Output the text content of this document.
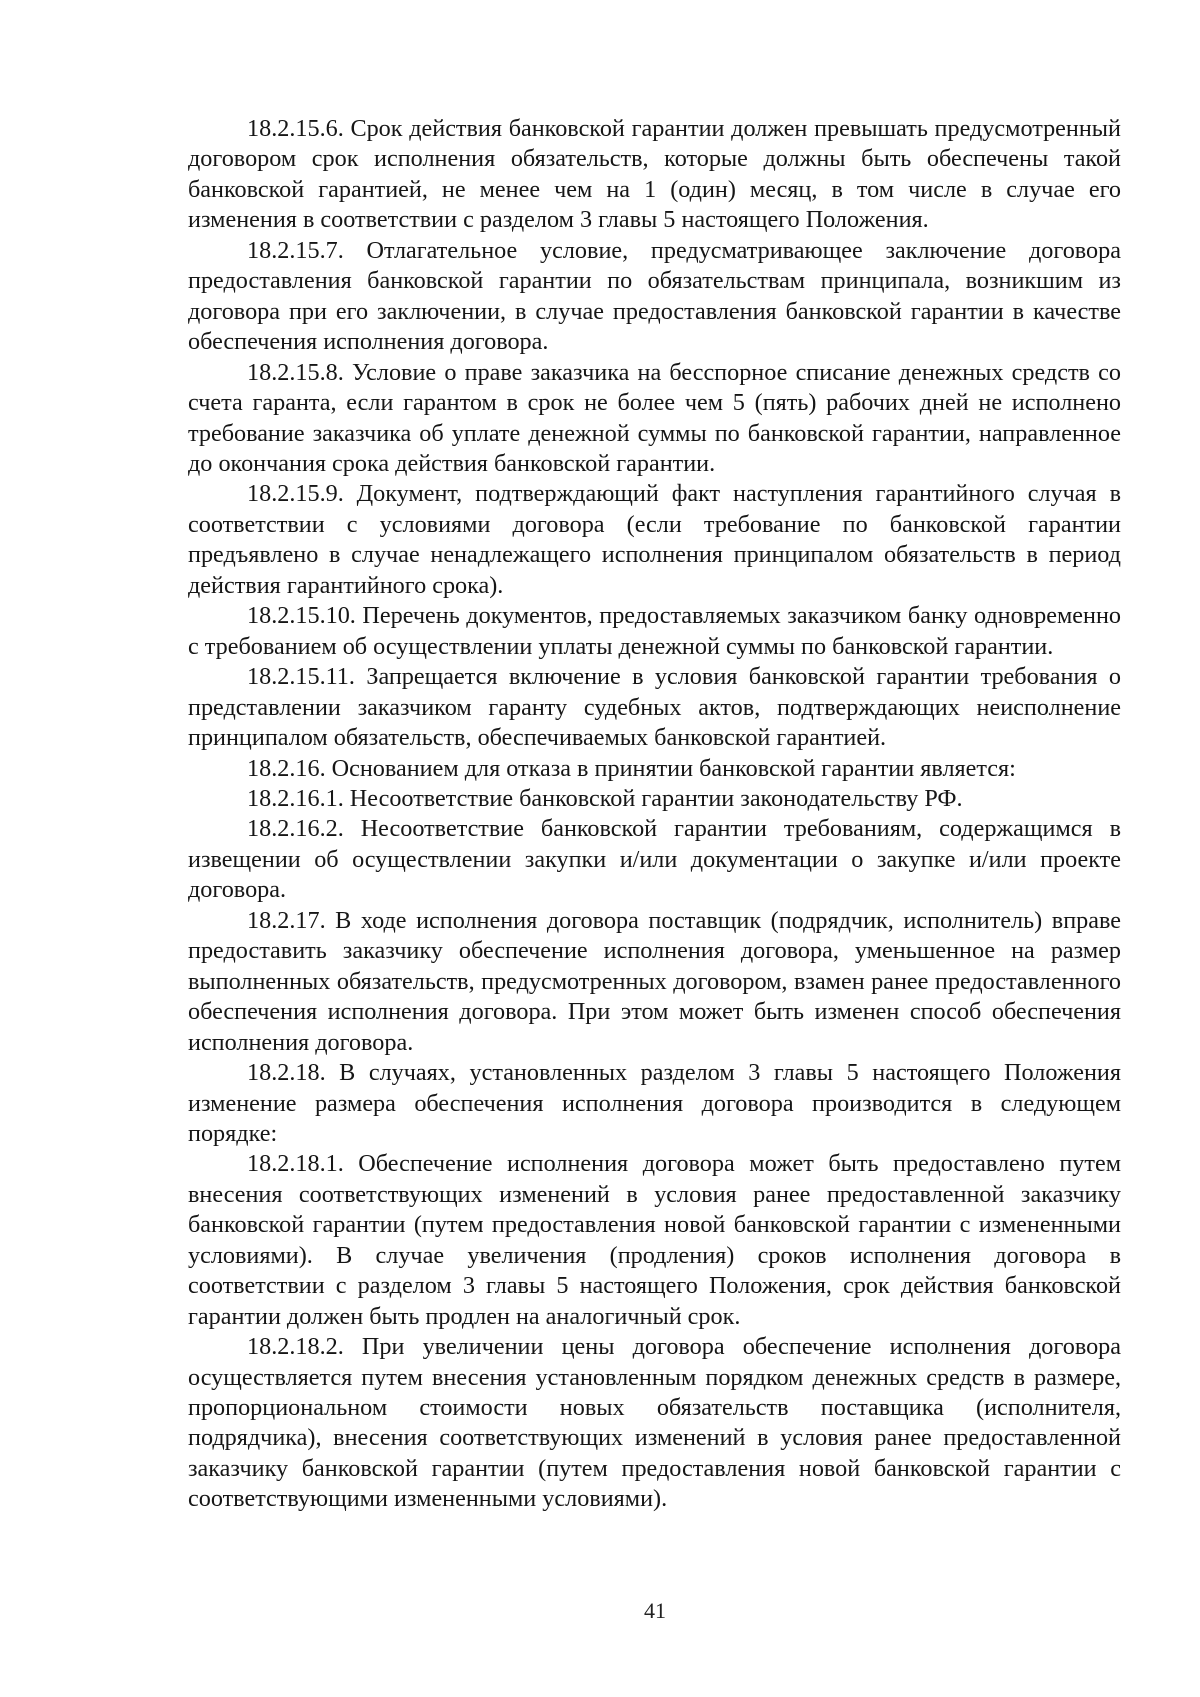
18.2.15.6. Срок действия банковской гарантии должен превышать предусмотренный договором срок исполнения обязательств, которые должны быть обеспечены такой банковской гарантией, не менее чем на 1 (один) месяц, в том числе в случае его изменения в соответствии с разделом 3 главы 5 настоящего Положения.

18.2.15.7. Отлагательное условие, предусматривающее заключение договора предоставления банковской гарантии по обязательствам принципала, возникшим из договора при его заключении, в случае предоставления банковской гарантии в качестве обеспечения исполнения договора.

18.2.15.8. Условие о праве заказчика на бесспорное списание денежных средств со счета гаранта, если гарантом в срок не более чем 5 (пять) рабочих дней не исполнено требование заказчика об уплате денежной суммы по банковской гарантии, направленное до окончания срока действия банковской гарантии.

18.2.15.9. Документ, подтверждающий факт наступления гарантийного случая в соответствии с условиями договора (если требование по банковской гарантии предъявлено в случае ненадлежащего исполнения принципалом обязательств в период действия гарантийного срока).

18.2.15.10. Перечень документов, предоставляемых заказчиком банку одновременно с требованием об осуществлении уплаты денежной суммы по банковской гарантии.

18.2.15.11. Запрещается включение в условия банковской гарантии требования о представлении заказчиком гаранту судебных актов, подтверждающих неисполнение принципалом обязательств, обеспечиваемых банковской гарантией.

18.2.16. Основанием для отказа в принятии банковской гарантии является:

18.2.16.1. Несоответствие банковской гарантии законодательству РФ.

18.2.16.2. Несоответствие банковской гарантии требованиям, содержащимся в извещении об осуществлении закупки и/или документации о закупке и/или проекте договора.

18.2.17. В ходе исполнения договора поставщик (подрядчик, исполнитель) вправе предоставить заказчику обеспечение исполнения договора, уменьшенное на размер выполненных обязательств, предусмотренных договором, взамен ранее предоставленного обеспечения исполнения договора. При этом может быть изменен способ обеспечения исполнения договора.

18.2.18. В случаях, установленных разделом 3 главы 5 настоящего Положения изменение размера обеспечения исполнения договора производится в следующем порядке:

18.2.18.1. Обеспечение исполнения договора может быть предоставлено путем внесения соответствующих изменений в условия ранее предоставленной заказчику банковской гарантии (путем предоставления новой банковской гарантии с измененными условиями). В случае увеличения (продления) сроков исполнения договора в соответствии с разделом 3 главы 5 настоящего Положения, срок действия банковской гарантии должен быть продлен на аналогичный срок.

18.2.18.2. При увеличении цены договора обеспечение исполнения договора осуществляется путем внесения установленным порядком денежных средств в размере, пропорциональном стоимости новых обязательств поставщика (исполнителя, подрядчика), внесения соответствующих изменений в условия ранее предоставленной заказчику банковской гарантии (путем предоставления новой банковской гарантии с соответствующими измененными условиями).

41
